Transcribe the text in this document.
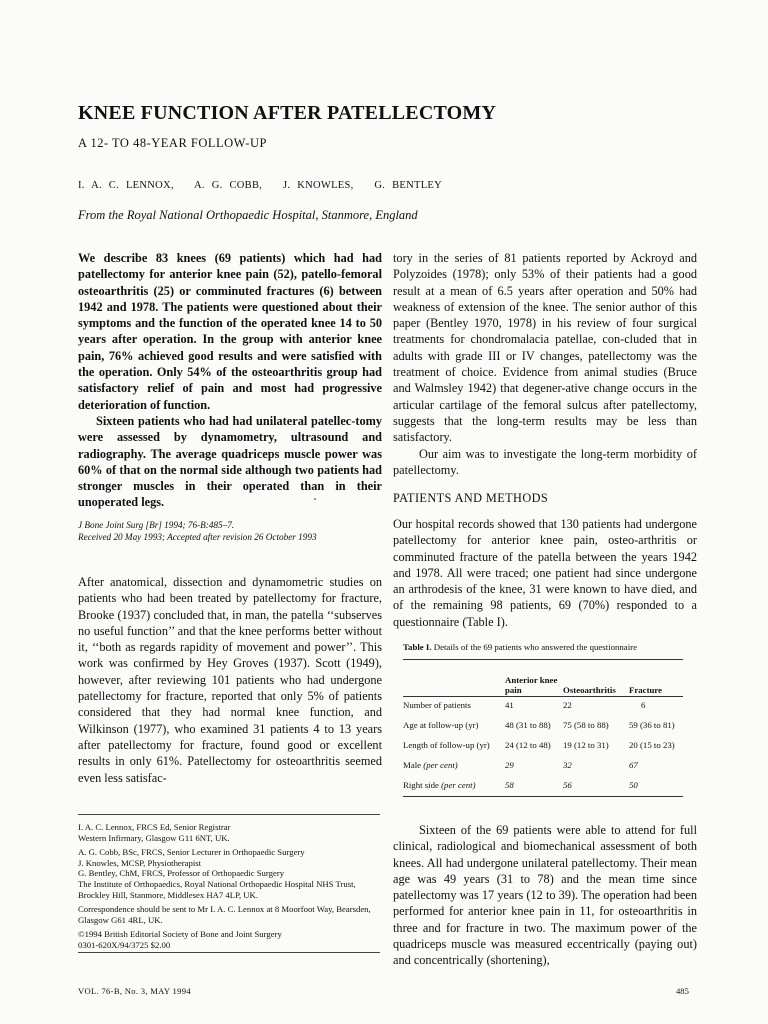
KNEE FUNCTION AFTER PATELLECTOMY
A 12- TO 48-YEAR FOLLOW-UP
I. A. C. LENNOX,   A. G. COBB,   J. KNOWLES,   G. BENTLEY
From the Royal National Orthopaedic Hospital, Stanmore, England

We describe 83 knees (69 patients) which had had patellectomy for anterior knee pain (52), patello-femoral osteoarthritis (25) or comminuted fractures (6) between 1942 and 1978. The patients were questioned about their symptoms and the function of the operated knee 14 to 50 years after operation. In the group with anterior knee pain, 76% achieved good results and were satisfied with the operation. Only 54% of the osteoarthritis group had satisfactory relief of pain and most had progressive deterioration of function.

Sixteen patients who had had unilateral patellec-tomy were assessed by dynamometry, ultrasound and radiography. The average quadriceps muscle power was 60% of that on the normal side although two patients had stronger muscles in their operated than in their unoperated legs.

J Bone Joint Surg [Br] 1994; 76-B:485–7.
Received 20 May 1993; Accepted after revision 26 October 1993

After anatomical, dissection and dynamometric studies on patients who had been treated by patellectomy for fracture, Brooke (1937) concluded that, in man, the patella ‘‘subserves no useful function’’ and that the knee performs better without it, ‘‘both as regards rapidity of movement and power’’. This work was confirmed by Hey Groves (1937). Scott (1949), however, after reviewing 101 patients who had undergone patellectomy for fracture, reported that only 5% of patients considered that they had normal knee function, and Wilkinson (1977), who examined 31 patients 4 to 13 years after patellectomy for fracture, found good or excellent results in only 61%. Patellectomy for osteoarthritis seemed even less satisfac-

tory in the series of 81 patients reported by Ackroyd and Polyzoides (1978); only 53% of their patients had a good result at a mean of 6.5 years after operation and 50% had weakness of extension of the knee. The senior author of this paper (Bentley 1970, 1978) in his review of four surgical treatments for chondromalacia patellae, con-cluded that in adults with grade III or IV changes, patellectomy was the treatment of choice. Evidence from animal studies (Bruce and Walmsley 1942) that degener-ative change occurs in the articular cartilage of the femoral sulcus after patellectomy, suggests that the long-term results may be less than satisfactory.

Our aim was to investigate the long-term morbidity of patellectomy.

PATIENTS AND METHODS

Our hospital records showed that 130 patients had undergone patellectomy for anterior knee pain, osteo-arthritis or comminuted fracture of the patella between the years 1942 and 1978. All were traced; one patient had since undergone an arthrodesis of the knee, 31 were known to have died, and of the remaining 98 patients, 69 (70%) responded to a questionnaire (Table I).

Table I. Details of the 69 patients who answered the questionnaire
	Anterior knee pain	Osteoarthritis	Fracture
Number of patients	41	22	6
Age at follow-up (yr)	48 (31 to 88)	75 (58 to 88)	59 (36 to 81)
Length of follow-up (yr)	24 (12 to 48)	19 (12 to 31)	20 (15 to 23)
Male (per cent)	29	32	67
Right side (per cent)	58	56	50

Sixteen of the 69 patients were able to attend for full clinical, radiological and biomechanical assessment of both knees. All had undergone unilateral patellectomy. Their mean age was 49 years (31 to 78) and the mean time since patellectomy was 17 years (12 to 39). The operation had been performed for anterior knee pain in 11, for osteoarthritis in three and for fracture in two. The maximum power of the quadriceps muscle was measured eccentrically (paying out) and concentrically (shortening),

I. A. C. Lennox, FRCS Ed, Senior Registrar
Western Infirmary, Glasgow G11 6NT, UK.

A. G. Cobb, BSc, FRCS, Senior Lecturer in Orthopaedic Surgery
J. Knowles, MCSP, Physiotherapist
G. Bentley, ChM, FRCS, Professor of Orthopaedic Surgery
The Institute of Orthopaedics, Royal National Orthopaedic Hospital NHS Trust, Brockley Hill, Stanmore, Middlesex HA7 4LP, UK.

Correspondence should be sent to Mr I. A. C. Lennox at 8 Moorfoot Way, Bearsden, Glasgow G61 4RL, UK.

©1994 British Editorial Society of Bone and Joint Surgery
0301-620X/94/3725 $2.00

VOL. 76-B, No. 3, MAY 1994	485
